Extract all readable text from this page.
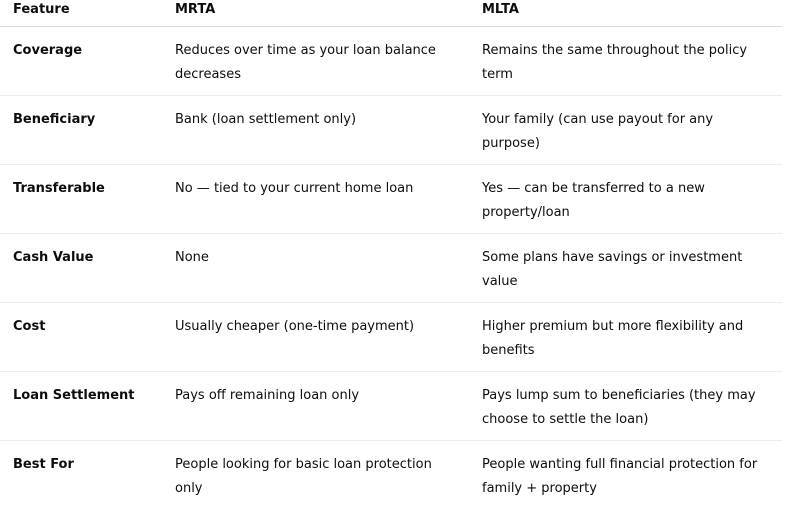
Feature	MRTA	MLTA

Coverage	Reduces over time as your loan balance decreases	Remains the same throughout the policy term
Beneficiary	Bank (loan settlement only)	Your family (can use payout for any purpose)
Transferable	No — tied to your current home loan	Yes — can be transferred to a new property/loan
Cash Value	None	Some plans have savings or investment value
Cost	Usually cheaper (one-time payment)	Higher premium but more flexibility and benefits
Loan Settlement	Pays off remaining loan only	Pays lump sum to beneficiaries (they may choose to settle the loan)
Best For	People looking for basic loan protection only	People wanting full financial protection for family + property
